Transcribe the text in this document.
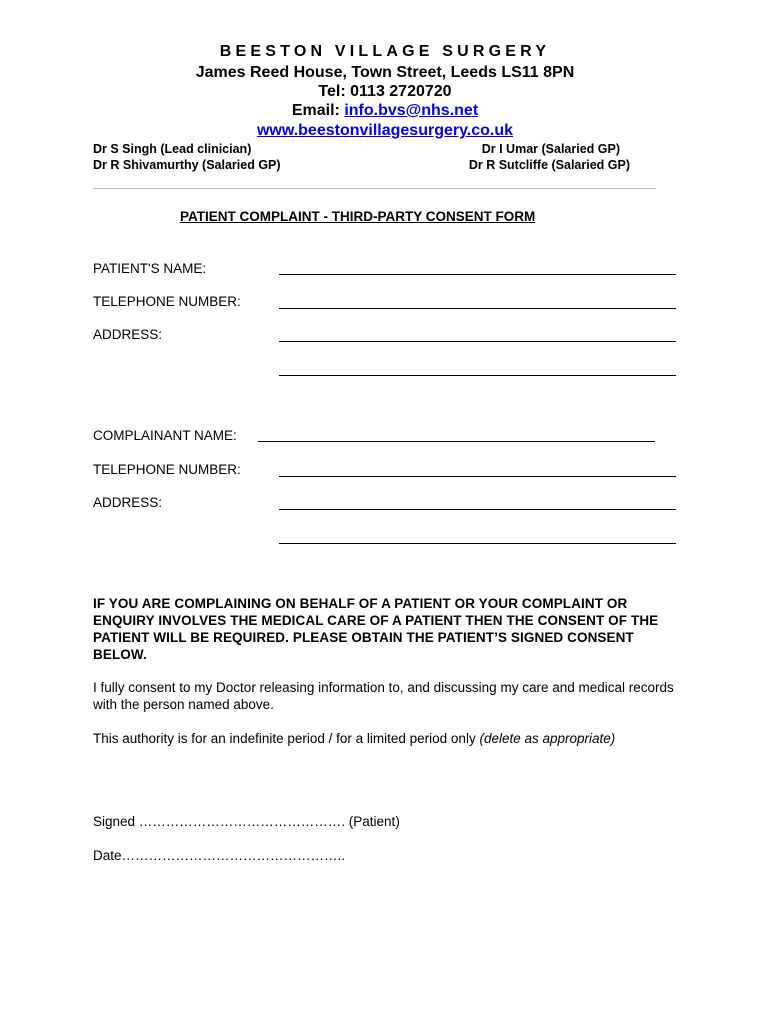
BEESTON VILLAGE SURGERY
James Reed House, Town Street, Leeds LS11 8PN
Tel: 0113 2720720
Email: info.bvs@nhs.net
www.beestonvillagesurgery.co.uk
Dr S Singh (Lead clinician)
Dr R Shivamurthy (Salaried GP)
Dr I Umar (Salaried GP)
Dr R Sutcliffe (Salaried GP)
PATIENT COMPLAINT - THIRD-PARTY CONSENT FORM
PATIENT'S NAME:
TELEPHONE NUMBER:
ADDRESS:
COMPLAINANT NAME:
TELEPHONE NUMBER:
ADDRESS:
IF YOU ARE COMPLAINING ON BEHALF OF A PATIENT OR YOUR COMPLAINT OR ENQUIRY INVOLVES THE MEDICAL CARE OF A PATIENT THEN THE CONSENT OF THE PATIENT WILL BE REQUIRED. PLEASE OBTAIN THE PATIENT’S SIGNED CONSENT BELOW.
I fully consent to my Doctor releasing information to, and discussing my care and medical records with the person named above.
This authority is for an indefinite period / for a limited period only (delete as appropriate)
Signed ………………………………………. (Patient)
Date…………………………………………..
